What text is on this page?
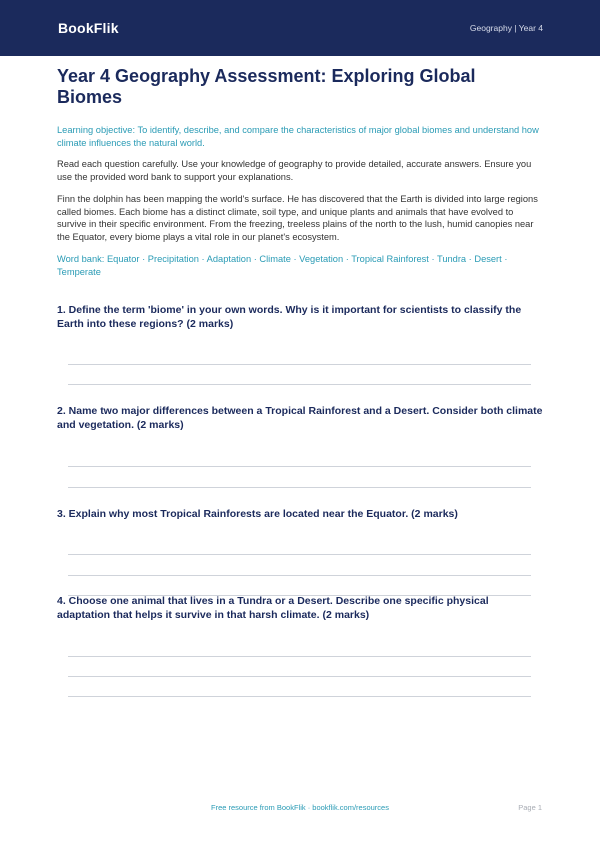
BookFlik	Geography | Year 4
Year 4 Geography Assessment: Exploring Global Biomes

Learning objective: To identify, describe, and compare the characteristics of major global biomes and understand how climate influences the natural world.

Read each question carefully. Use your knowledge of geography to provide detailed, accurate answers. Ensure you use the provided word bank to support your explanations.

Finn the dolphin has been mapping the world's surface. He has discovered that the Earth is divided into large regions called biomes. Each biome has a distinct climate, soil type, and unique plants and animals that have evolved to survive in their specific environment. From the freezing, treeless plains of the north to the lush, humid canopies near the Equator, every biome plays a vital role in our planet's ecosystem.

Word bank: Equator · Precipitation · Adaptation · Climate · Vegetation · Tropical Rainforest · Tundra · Desert · Temperate

1. Define the term 'biome' in your own words. Why is it important for scientists to classify the Earth into these regions? (2 marks)

2. Name two major differences between a Tropical Rainforest and a Desert. Consider both climate and vegetation. (2 marks)

3. Explain why most Tropical Rainforests are located near the Equator. (2 marks)

4. Choose one animal that lives in a Tundra or a Desert. Describe one specific physical adaptation that helps it survive in that harsh climate. (2 marks)

Free resource from BookFlik · bookflik.com/resources	Page 1
